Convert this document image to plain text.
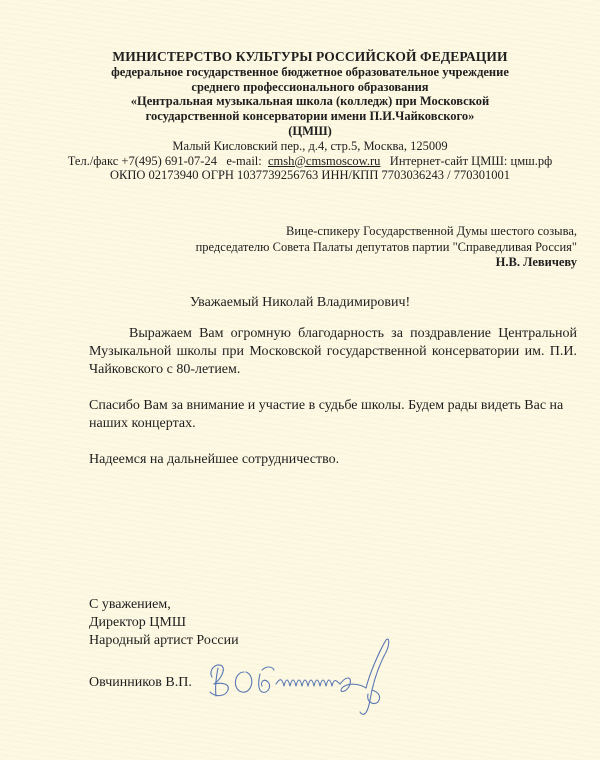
МИНИСТЕРСТВО КУЛЬТУРЫ РОССИЙСКОЙ ФЕДЕРАЦИИ
федеральное государственное бюджетное образовательное учреждение
среднего профессионального образования
«Центральная музыкальная школа (колледж) при Московской
государственной консерватории имени П.И.Чайковского»
(ЦМШ)
Малый Кисловский пер., д.4, стр.5, Москва, 125009
Тел./факс +7(495) 691-07-24 e-mail: cmsh@cmsmoscow.ru Интернет-сайт ЦМШ: цмш.рф
ОКПО 02173940 ОГРН 1037739256763 ИНН/КПП 7703036243 / 770301001
Вице-спикеру Государственной Думы шестого созыва,
председателю Совета Палаты депутатов партии "Справедливая Россия"
Н.В. Левичеву
Уважаемый Николай Владимирович!
Выражаем Вам огромную благодарность за поздравление Центральной Музыкальной школы при Московской государственной консерватории им. П.И. Чайковского с 80-летием.
Спасибо Вам за внимание и участие в судьбе школы. Будем рады видеть Вас на наших концертах.
Надеемся на дальнейшее сотрудничество.
С уважением,
Директор ЦМШ
Народный артист России
Овчинников В.П.
